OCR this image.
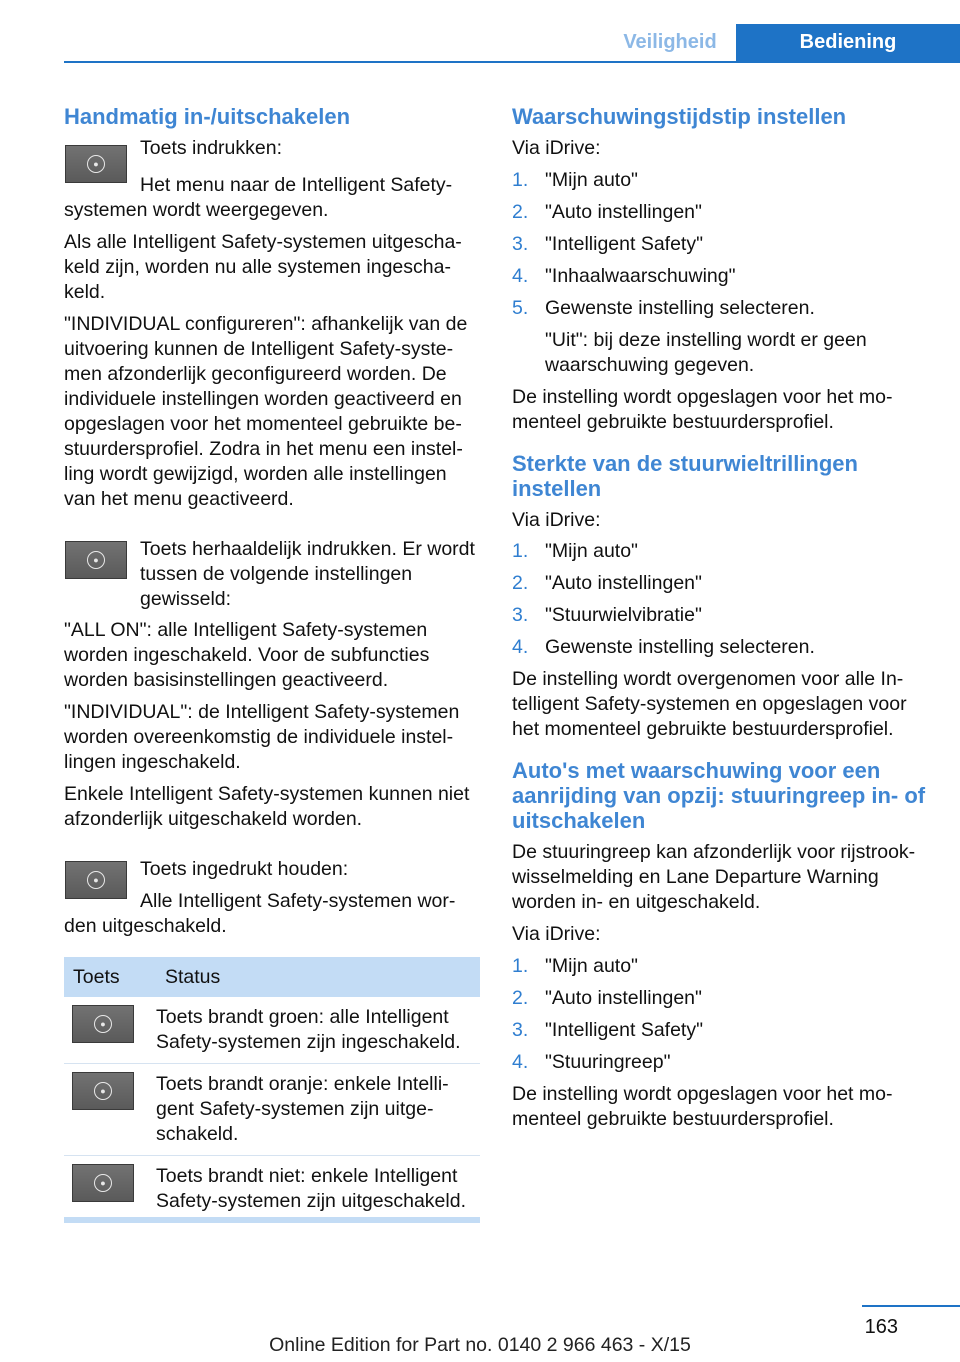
Veiligheid	Bediening
Handmatig in-/uitschakelen

Toets indrukken:

●

Het menu naar de Intelligent Safety-systemen wordt weergegeven.

Als alle Intelligent Safety-systemen uitgescha-keld zijn, worden nu alle systemen ingescha-keld.

"INDIVIDUAL configureren": afhankelijk van de uitvoering kunnen de Intelligent Safety-syste-men afzonderlijk geconfigureerd worden. De individuele instellingen worden geactiveerd en opgeslagen voor het momenteel gebruikte be-stuurdersprofiel. Zodra in het menu een instel-ling wordt gewijzigd, worden alle instellingen van het menu geactiveerd.

●	Toets herhaaldelijk indrukken. Er wordt tussen de volgende instellingen gewisseld:

"ALL ON": alle Intelligent Safety-systemen worden ingeschakeld. Voor de subfuncties worden basisinstellingen geactiveerd.

"INDIVIDUAL": de Intelligent Safety-systemen worden overeenkomstig de individuele instel-lingen ingeschakeld.

Enkele Intelligent Safety-systemen kunnen niet afzonderlijk uitgeschakeld worden.

●	Toets ingedrukt houden:

Alle Intelligent Safety-systemen wor-den uitgeschakeld.

Toets	Status

●	Toets brandt groen: alle Intelligent Safety-systemen zijn ingeschakeld.

●	Toets brandt oranje: enkele Intelli-gent Safety-systemen zijn uitge-schakeld.

●	Toets brandt niet: enkele Intelligent Safety-systemen zijn uitgeschakeld.
Waarschuwingstijdstip instellen

Via iDrive:

1. "Mijn auto"
2. "Auto instellingen"
3. "Intelligent Safety"
4. "Inhaalwaarschuwing"
5. Gewenste instelling selecteren.

"Uit": bij deze instelling wordt er geen waarschuwing gegeven.

De instelling wordt opgeslagen voor het mo-menteel gebruikte bestuurdersprofiel.

Sterkte van de stuurwieltrillingen instellen

Via iDrive:

1. "Mijn auto"
2. "Auto instellingen"
3. "Stuurwielvibratie"
4. Gewenste instelling selecteren.

De instelling wordt overgenomen voor alle In-telligent Safety-systemen en opgeslagen voor het momenteel gebruikte bestuurdersprofiel.

Auto's met waarschuwing voor een aanrijding van opzij: stuuringreep in- of uitschakelen

De stuuringreep kan afzonderlijk voor rijstrook-wisselmelding en Lane Departure Warning worden in- en uitgeschakeld.

Via iDrive:

1. "Mijn auto"
2. "Auto instellingen"
3. "Intelligent Safety"
4. "Stuuringreep"

De instelling wordt opgeslagen voor het mo-menteel gebruikte bestuurdersprofiel.

163
Online Edition for Part no. 0140 2 966 463 - X/15
